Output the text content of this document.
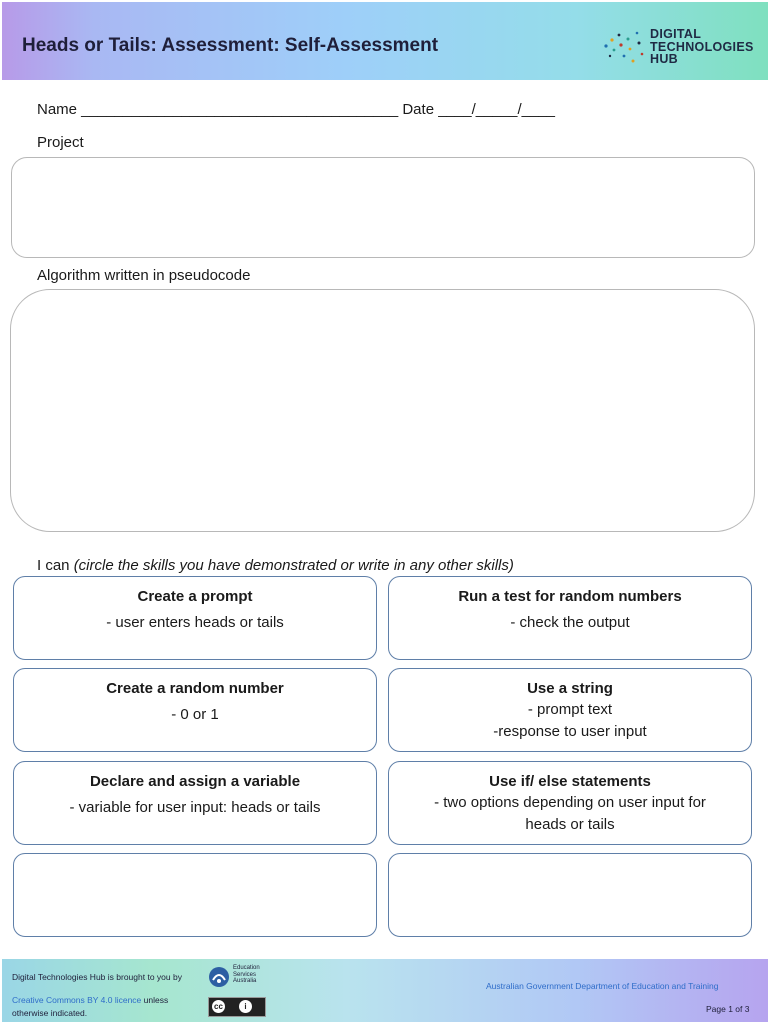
Heads or Tails: Assessment: Self-Assessment
DIGITAL
TECHNOLOGIES
HUB
Name ______________________________________ Date ____/_____/____
Project
Algorithm written in pseudocode
I can (circle the skills you have demonstrated or write in any other skills)
Create a prompt
- user enters heads or tails
Run a test for random numbers
- check the output
Create a random number
- 0 or 1
Use a string
- prompt text
-response to user input
Declare and assign a variable
- variable for user input: heads or tails
Use if/ else statements
- two options depending on user input for
heads or tails
Digital Technologies Hub is brought to you by
Education
Services
Australia
Creative Commons BY 4.0 licence unless
otherwise indicated.
cc	i
Australian Government Department of Education and Training
Page 1 of 3
